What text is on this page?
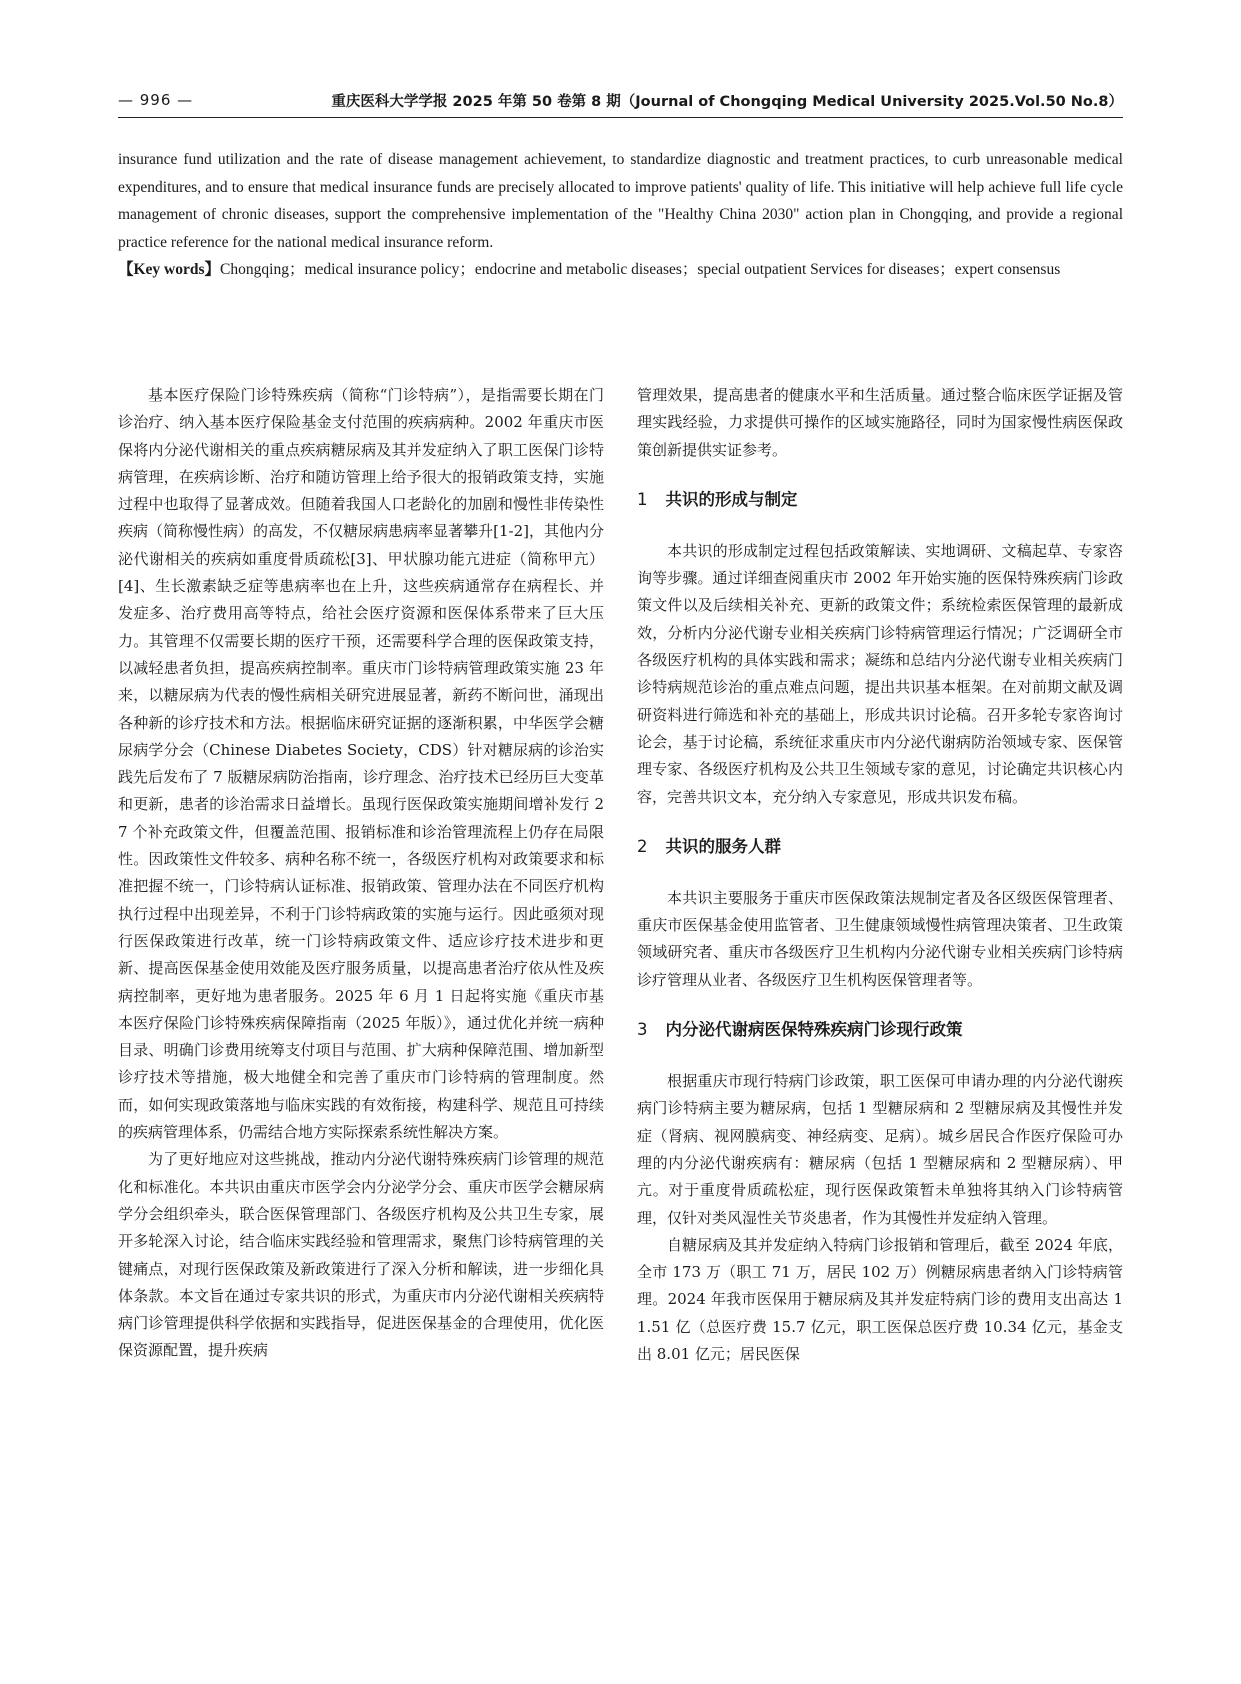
— 996 —	重庆医科大学学报 2025 年第 50 卷第 8 期（Journal of Chongqing Medical University 2025.Vol.50 No.8）

insurance fund utilization and the rate of disease management achievement, to standardize diagnostic and treatment practices, to curb unreasonable medical expenditures, and to ensure that medical insurance funds are precisely allocated to improve patients' quality of life. This initiative will help achieve full life cycle management of chronic diseases, support the comprehensive implementation of the "Healthy China 2030" action plan in Chongqing, and provide a regional practice reference for the national medical insurance reform.

【Key words】Chongqing；medical insurance policy；endocrine and metabolic diseases；special outpatient Services for diseases；expert consensus

基本医疗保险门诊特殊疾病（简称“门诊特病”），是指需要长期在门诊治疗、纳入基本医疗保险基金支付范围的疾病病种。2002 年重庆市医保将内分泌代谢相关的重点疾病糖尿病及其并发症纳入了职工医保门诊特病管理，在疾病诊断、治疗和随访管理上给予很大的报销政策支持，实施过程中也取得了显著成效。但随着我国人口老龄化的加剧和慢性非传染性疾病（简称慢性病）的高发，不仅糖尿病患病率显著攀升[1-2]，其他内分泌代谢相关的疾病如重度骨质疏松[3]、甲状腺功能亢进症（简称甲亢）[4]、生长激素缺乏症等患病率也在上升，这些疾病通常存在病程长、并发症多、治疗费用高等特点，给社会医疗资源和医保体系带来了巨大压力。其管理不仅需要长期的医疗干预，还需要科学合理的医保政策支持，以减轻患者负担，提高疾病控制率。重庆市门诊特病管理政策实施 23 年来，以糖尿病为代表的慢性病相关研究进展显著，新药不断问世，涌现出各种新的诊疗技术和方法。根据临床研究证据的逐渐积累，中华医学会糖尿病学分会（Chinese Diabetes Society，CDS）针对糖尿病的诊治实践先后发布了 7 版糖尿病防治指南，诊疗理念、治疗技术已经历巨大变革和更新，患者的诊治需求日益增长。虽现行医保政策实施期间增补发行 27 个补充政策文件，但覆盖范围、报销标准和诊治管理流程上仍存在局限性。因政策性文件较多、病种名称不统一，各级医疗机构对政策要求和标准把握不统一，门诊特病认证标准、报销政策、管理办法在不同医疗机构执行过程中出现差异，不利于门诊特病政策的实施与运行。因此亟须对现行医保政策进行改革，统一门诊特病政策文件、适应诊疗技术进步和更新、提高医保基金使用效能及医疗服务质量，以提高患者治疗依从性及疾病控制率，更好地为患者服务。2025 年 6 月 1 日起将实施《重庆市基本医疗保险门诊特殊疾病保障指南（2025 年版）》，通过优化并统一病种目录、明确门诊费用统筹支付项目与范围、扩大病种保障范围、增加新型诊疗技术等措施，极大地健全和完善了重庆市门诊特病的管理制度。然而，如何实现政策落地与临床实践的有效衔接，构建科学、规范且可持续的疾病管理体系，仍需结合地方实际探索系统性解决方案。

为了更好地应对这些挑战，推动内分泌代谢特殊疾病门诊管理的规范化和标准化。本共识由重庆市医学会内分泌学分会、重庆市医学会糖尿病学分会组织牵头，联合医保管理部门、各级医疗机构及公共卫生专家，展开多轮深入讨论，结合临床实践经验和管理需求，聚焦门诊特病管理的关键痛点，对现行医保政策及新政策进行了深入分析和解读，进一步细化具体条款。本文旨在通过专家共识的形式，为重庆市内分泌代谢相关疾病特病门诊管理提供科学依据和实践指导，促进医保基金的合理使用，优化医保资源配置，提升疾病

管理效果，提高患者的健康水平和生活质量。通过整合临床医学证据及管理实践经验，力求提供可操作的区域实施路径，同时为国家慢性病医保政策创新提供实证参考。

1 共识的形成与制定

本共识的形成制定过程包括政策解读、实地调研、文稿起草、专家咨询等步骤。通过详细查阅重庆市 2002 年开始实施的医保特殊疾病门诊政策文件以及后续相关补充、更新的政策文件；系统检索医保管理的最新成效，分析内分泌代谢专业相关疾病门诊特病管理运行情况；广泛调研全市各级医疗机构的具体实践和需求；凝练和总结内分泌代谢专业相关疾病门诊特病规范诊治的重点难点问题，提出共识基本框架。在对前期文献及调研资料进行筛选和补充的基础上，形成共识讨论稿。召开多轮专家咨询讨论会，基于讨论稿，系统征求重庆市内分泌代谢病防治领域专家、医保管理专家、各级医疗机构及公共卫生领域专家的意见，讨论确定共识核心内容，完善共识文本，充分纳入专家意见，形成共识发布稿。

2 共识的服务人群

本共识主要服务于重庆市医保政策法规制定者及各区级医保管理者、重庆市医保基金使用监管者、卫生健康领域慢性病管理决策者、卫生政策领域研究者、重庆市各级医疗卫生机构内分泌代谢专业相关疾病门诊特病诊疗管理从业者、各级医疗卫生机构医保管理者等。

3 内分泌代谢病医保特殊疾病门诊现行政策

根据重庆市现行特病门诊政策，职工医保可申请办理的内分泌代谢疾病门诊特病主要为糖尿病，包括 1 型糖尿病和 2 型糖尿病及其慢性并发症（肾病、视网膜病变、神经病变、足病）。城乡居民合作医疗保险可办理的内分泌代谢疾病有：糖尿病（包括 1 型糖尿病和 2 型糖尿病）、甲亢。对于重度骨质疏松症，现行医保政策暂未单独将其纳入门诊特病管理，仅针对类风湿性关节炎患者，作为其慢性并发症纳入管理。

自糖尿病及其并发症纳入特病门诊报销和管理后，截至 2024 年底，全市 173 万（职工 71 万，居民 102 万）例糖尿病患者纳入门诊特病管理。2024 年我市医保用于糖尿病及其并发症特病门诊的费用支出高达 11.51 亿（总医疗费 15.7 亿元，职工医保总医疗费 10.34 亿元，基金支出 8.01 亿元；居民医保
